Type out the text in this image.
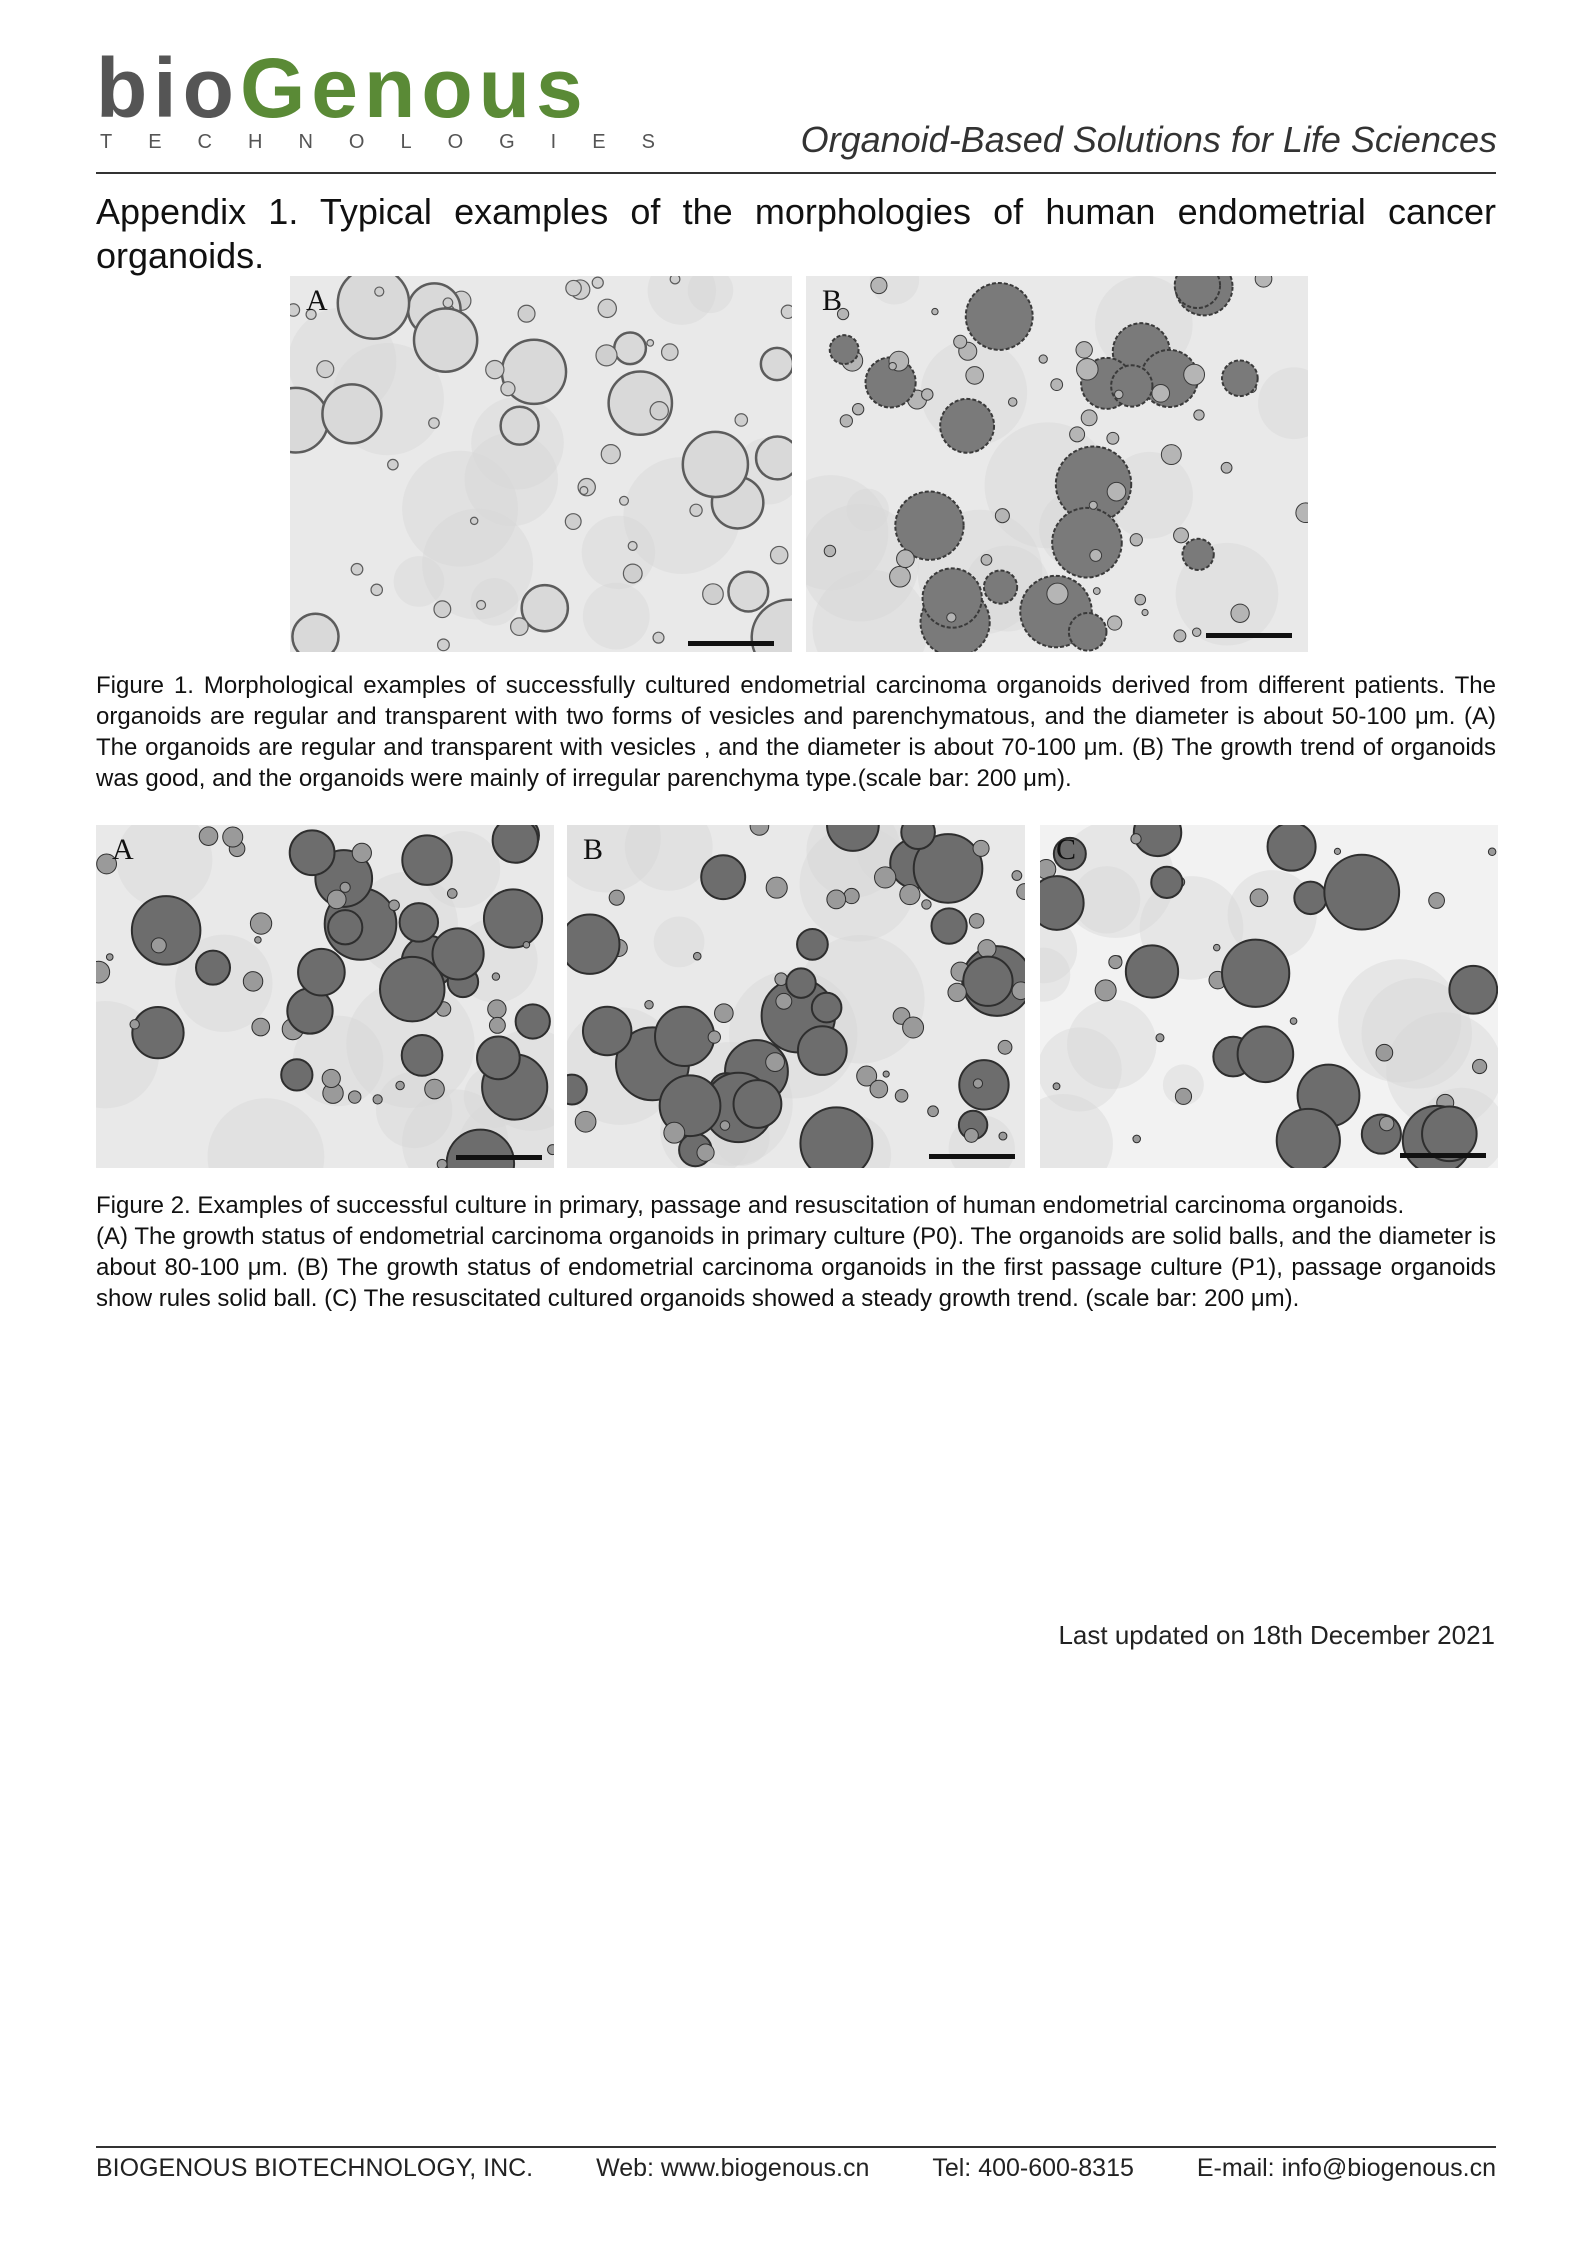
bioGenous
TECHNOLOGIES	Organoid-Based Solutions for Life Sciences
Appendix 1. Typical examples of the morphologies of human endometrial cancer organoids.
A	B

Figure 1. Morphological examples of successfully cultured endometrial carcinoma organoids derived from different patients. The organoids are regular and transparent with two forms of vesicles and parenchymatous, and the diameter is about 50-100 μm. (A) The organoids are regular and transparent with vesicles , and the diameter is about 70-100 μm. (B) The growth trend of organoids was good, and the organoids were mainly of irregular parenchyma type.(scale bar: 200 μm).

A	B	C
Figure 2. Examples of successful culture in primary, passage and resuscitation of human endometrial carcinoma organoids.
(A) The growth status of endometrial carcinoma organoids in primary culture (P0). The organoids are solid balls, and the diameter is about 80-100 μm. (B) The growth status of endometrial carcinoma organoids in the first passage culture (P1), passage organoids show rules solid ball. (C) The resuscitated cultured organoids showed a steady growth trend. (scale bar: 200 μm).
Last updated on 18th December 2021
BIOGENOUS BIOTECHNOLOGY, INC.	Web: www.biogenous.cn	Tel: 400-600-8315	E-mail: info@biogenous.cn
